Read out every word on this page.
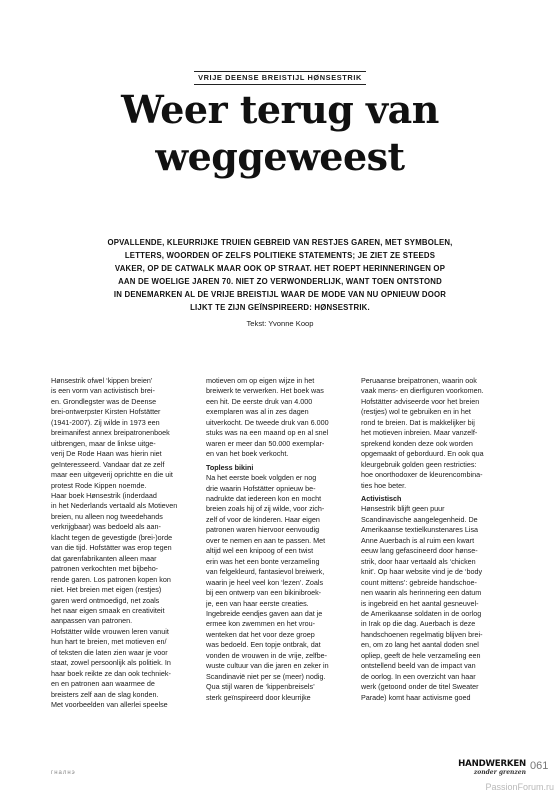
VRIJE DEENSE BREISTIJL HØNSESTRIK
Weer terug van
weggeweest
OPVALLENDE, KLEURRIJKE TRUIEN GEBREID VAN RESTJES GAREN, MET SYMBOLEN,
LETTERS, WOORDEN OF ZELFS POLITIEKE STATEMENTS; JE ZIET ZE STEEDS
VAKER, OP DE CATWALK MAAR OOK OP STRAAT. HET ROEPT HERINNERINGEN OP
AAN DE WOELIGE JAREN 70. NIET ZO VERWONDERLIJK, WANT TOEN ONTSTOND
IN DENEMARKEN AL DE VRIJE BREISTIJL WAAR DE MODE VAN NU OPNIEUW DOOR
LIJKT TE ZIJN GEÏNSPIREERD: HØNSESTRIK.
Tekst: Yvonne Koop

Hønsestrik ofwel ‘kippen breien’

is een vorm van activistisch brei-

en. Grondlegster was de Deense

brei-ontwerpster Kirsten Hofstätter

(1941-2007). Zij wilde in 1973 een

breimanifest annex breipatronenboek

uitbrengen, maar de linkse uitge-

verij De Rode Haan was hierin niet

geïnteresseerd. Vandaar dat ze zelf

maar een uitgeverij oprichtte en die uit

protest Rode Kippen noemde.

Haar boek Hønsestrik (inderdaad

in het Nederlands vertaald als Motieven

breien, nu alleen nog tweedehands

verkrijgbaar) was bedoeld als aan-

klacht tegen de gevestigde (brei-)orde

van die tijd. Hofstätter was erop tegen

dat garenfabrikanten alleen maar

patronen verkochten met bijbeho-

rende garen. Los patronen kopen kon

niet. Het breien met eigen (restjes)

garen werd ontmoedigd, net zoals

het naar eigen smaak en creativiteit

aanpassen van patronen.

Hofstätter wilde vrouwen leren vanuit

hun hart te breien, met motieven en/

of teksten die laten zien waar je voor

staat, zowel persoonlijk als politiek. In

haar boek reikte ze dan ook techniek-

en en patronen aan waarmee de

breisters zelf aan de slag konden.

Met voorbeelden van allerlei speelse

motieven om op eigen wijze in het

breiwerk te verwerken. Het boek was

een hit. De eerste druk van 4.000

exemplaren was al in zes dagen

uitverkocht. De tweede druk van 6.000

stuks was na een maand op en al snel

waren er meer dan 50.000 exemplar-

en van het boek verkocht.

Topless bikini

Na het eerste boek volgden er nog

drie waarin Hofstätter opnieuw be-

nadrukte dat iedereen kon en mocht

breien zoals hij of zij wilde, voor zich-

zelf of voor de kinderen. Haar eigen

patronen waren hiervoor eenvoudig

over te nemen en aan te passen. Met

altijd wel een knipoog of een twist

erin was het een bonte verzameling

van felgekleurd, fantasievol breiwerk,

waarin je heel veel kon ‘lezen’. Zoals

bij een ontwerp van een bikinibroek-

je, een van haar eerste creaties.

Ingebreide eendjes gaven aan dat je

ermee kon zwemmen en het vrou-

wenteken dat het voor deze groep

was bedoeld. Een topje ontbrak, dat

vonden de vrouwen in de vrije, zelfbe-

wuste cultuur van die jaren en zeker in

Scandinavië niet per se (meer) nodig.

Qua stijl waren de ‘kippenbreisels’

sterk geïnspireerd door kleurrijke

Peruaanse breipatronen, waarin ook

vaak mens- en dierfiguren voorkomen.

Hofstätter adviseerde voor het breien

(restjes) wol te gebruiken en in het

rond te breien. Dat is makkelijker bij

het motieven inbreien. Maar vanzelf-

sprekend konden deze ook worden

opgemaakt of geborduurd. En ook qua

kleurgebruik golden geen restricties:

hoe onorthodoxer de kleurencombina-

ties hoe beter.

Activistisch

Hønsestrik blijft geen puur

Scandinavische aangelegenheid. De

Amerikaanse textielkunstenares Lisa

Anne Auerbach is al ruim een kwart

eeuw lang gefascineerd door hønse-

strik, door haar vertaald als ‘chicken

knit’. Op haar website vind je de ‘body

count mittens’: gebreide handschoe-

nen waarin als herinnering een datum

is ingebreid en het aantal gesneuvel-

de Amerikaanse soldaten in de oorlog

in Irak op die dag. Auerbach is deze

handschoenen regelmatig blijven brei-

en, om zo lang het aantal doden snel

opliep, geeft de hele verzameling een

ontstellend beeld van de impact van

de oorlog. In een overzicht van haar

werk (getoond onder de titel Sweater

Parade) komt haar activisme goed

гналнэ
HANDWERKEN
zonder grenzen
061
PassionForum.ru
